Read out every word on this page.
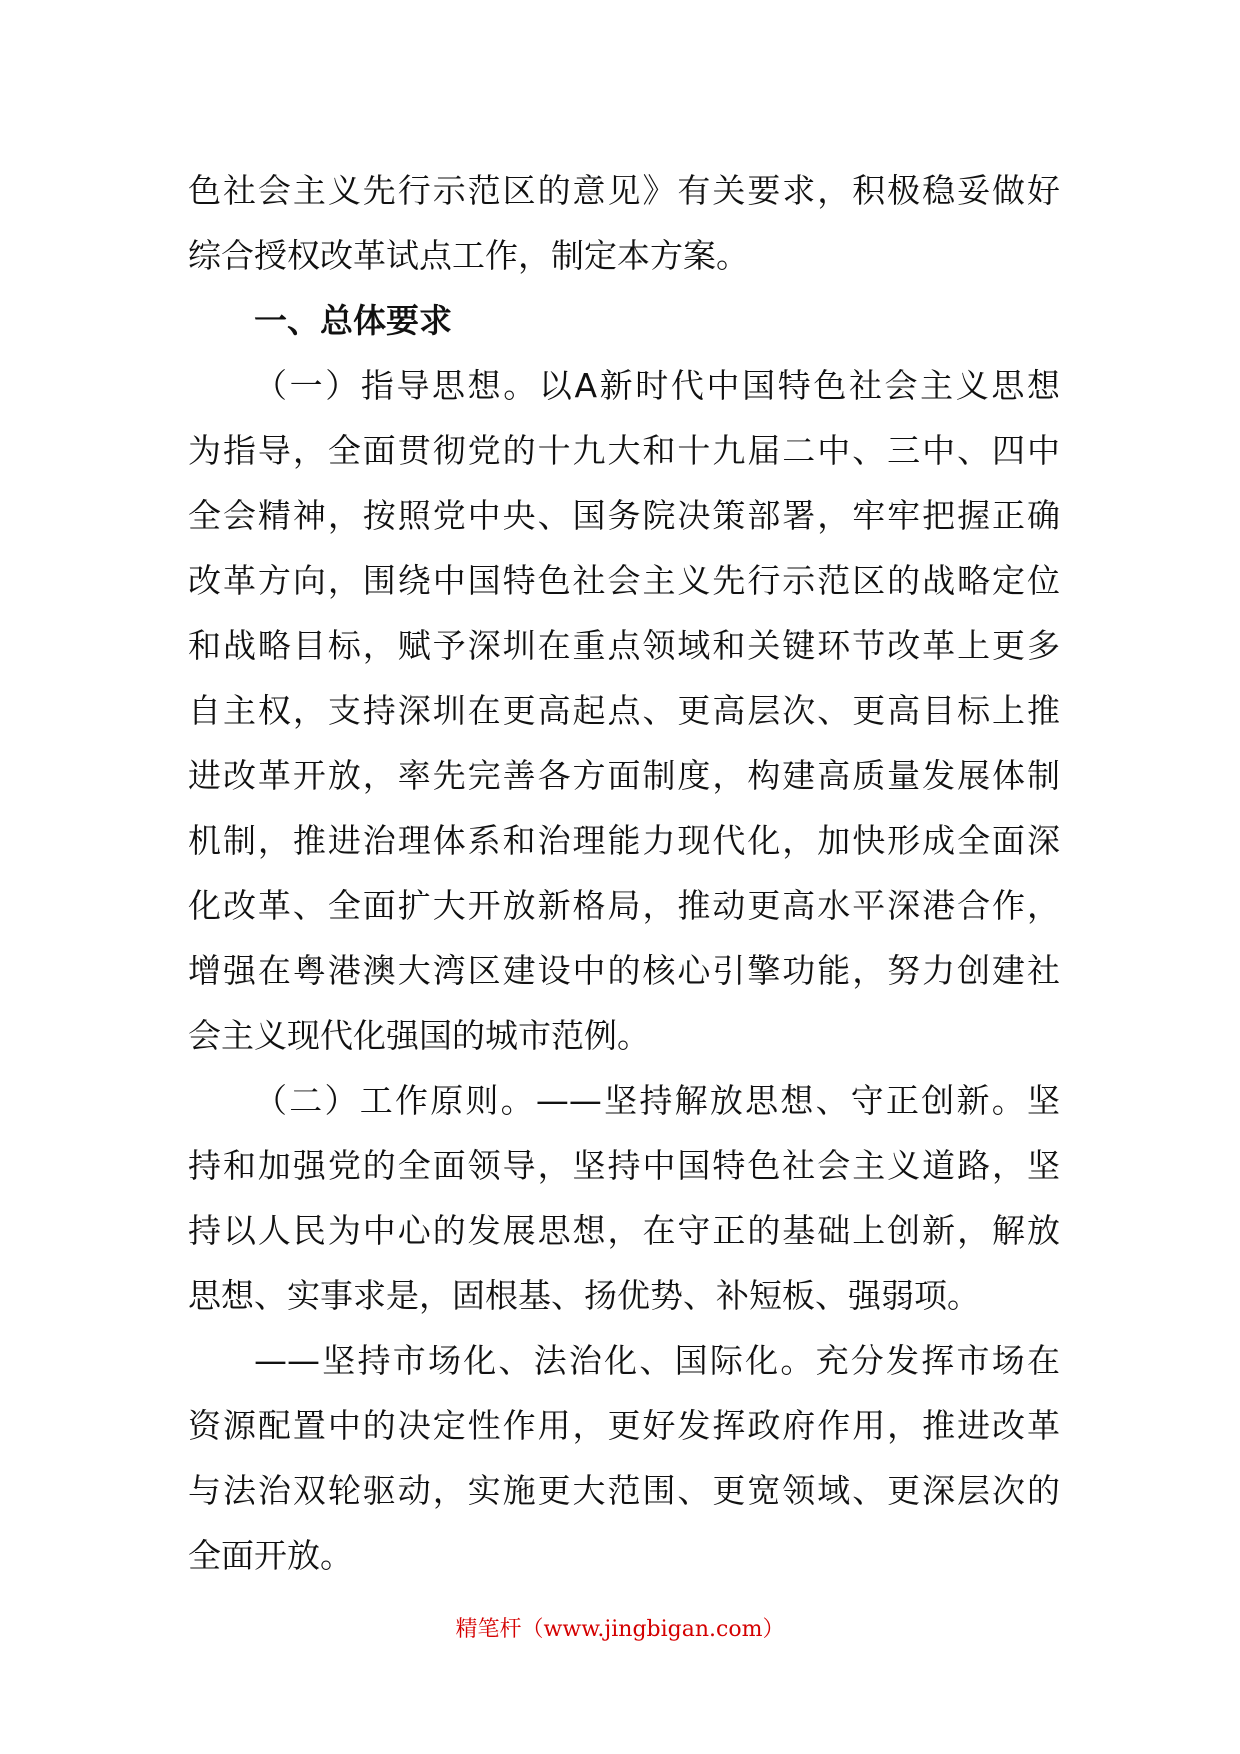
色社会主义先行示范区的意见》有关要求，积极稳妥做好
综合授权改革试点工作，制定本方案。
一、总体要求
（一）指导思想。以A新时代中国特色社会主义思想
为指导，全面贯彻党的十九大和十九届二中、三中、四中
全会精神，按照党中央、国务院决策部署，牢牢把握正确
改革方向，围绕中国特色社会主义先行示范区的战略定位
和战略目标，赋予深圳在重点领域和关键环节改革上更多
自主权，支持深圳在更高起点、更高层次、更高目标上推
进改革开放，率先完善各方面制度，构建高质量发展体制
机制，推进治理体系和治理能力现代化，加快形成全面深
化改革、全面扩大开放新格局，推动更高水平深港合作，
增强在粤港澳大湾区建设中的核心引擎功能，努力创建社
会主义现代化强国的城市范例。
（二）工作原则。——坚持解放思想、守正创新。坚
持和加强党的全面领导，坚持中国特色社会主义道路，坚
持以人民为中心的发展思想，在守正的基础上创新，解放
思想、实事求是，固根基、扬优势、补短板、强弱项。
——坚持市场化、法治化、国际化。充分发挥市场在
资源配置中的决定性作用，更好发挥政府作用，推进改革
与法治双轮驱动，实施更大范围、更宽领域、更深层次的
全面开放。
精笔杆（www.jingbigan.com）
